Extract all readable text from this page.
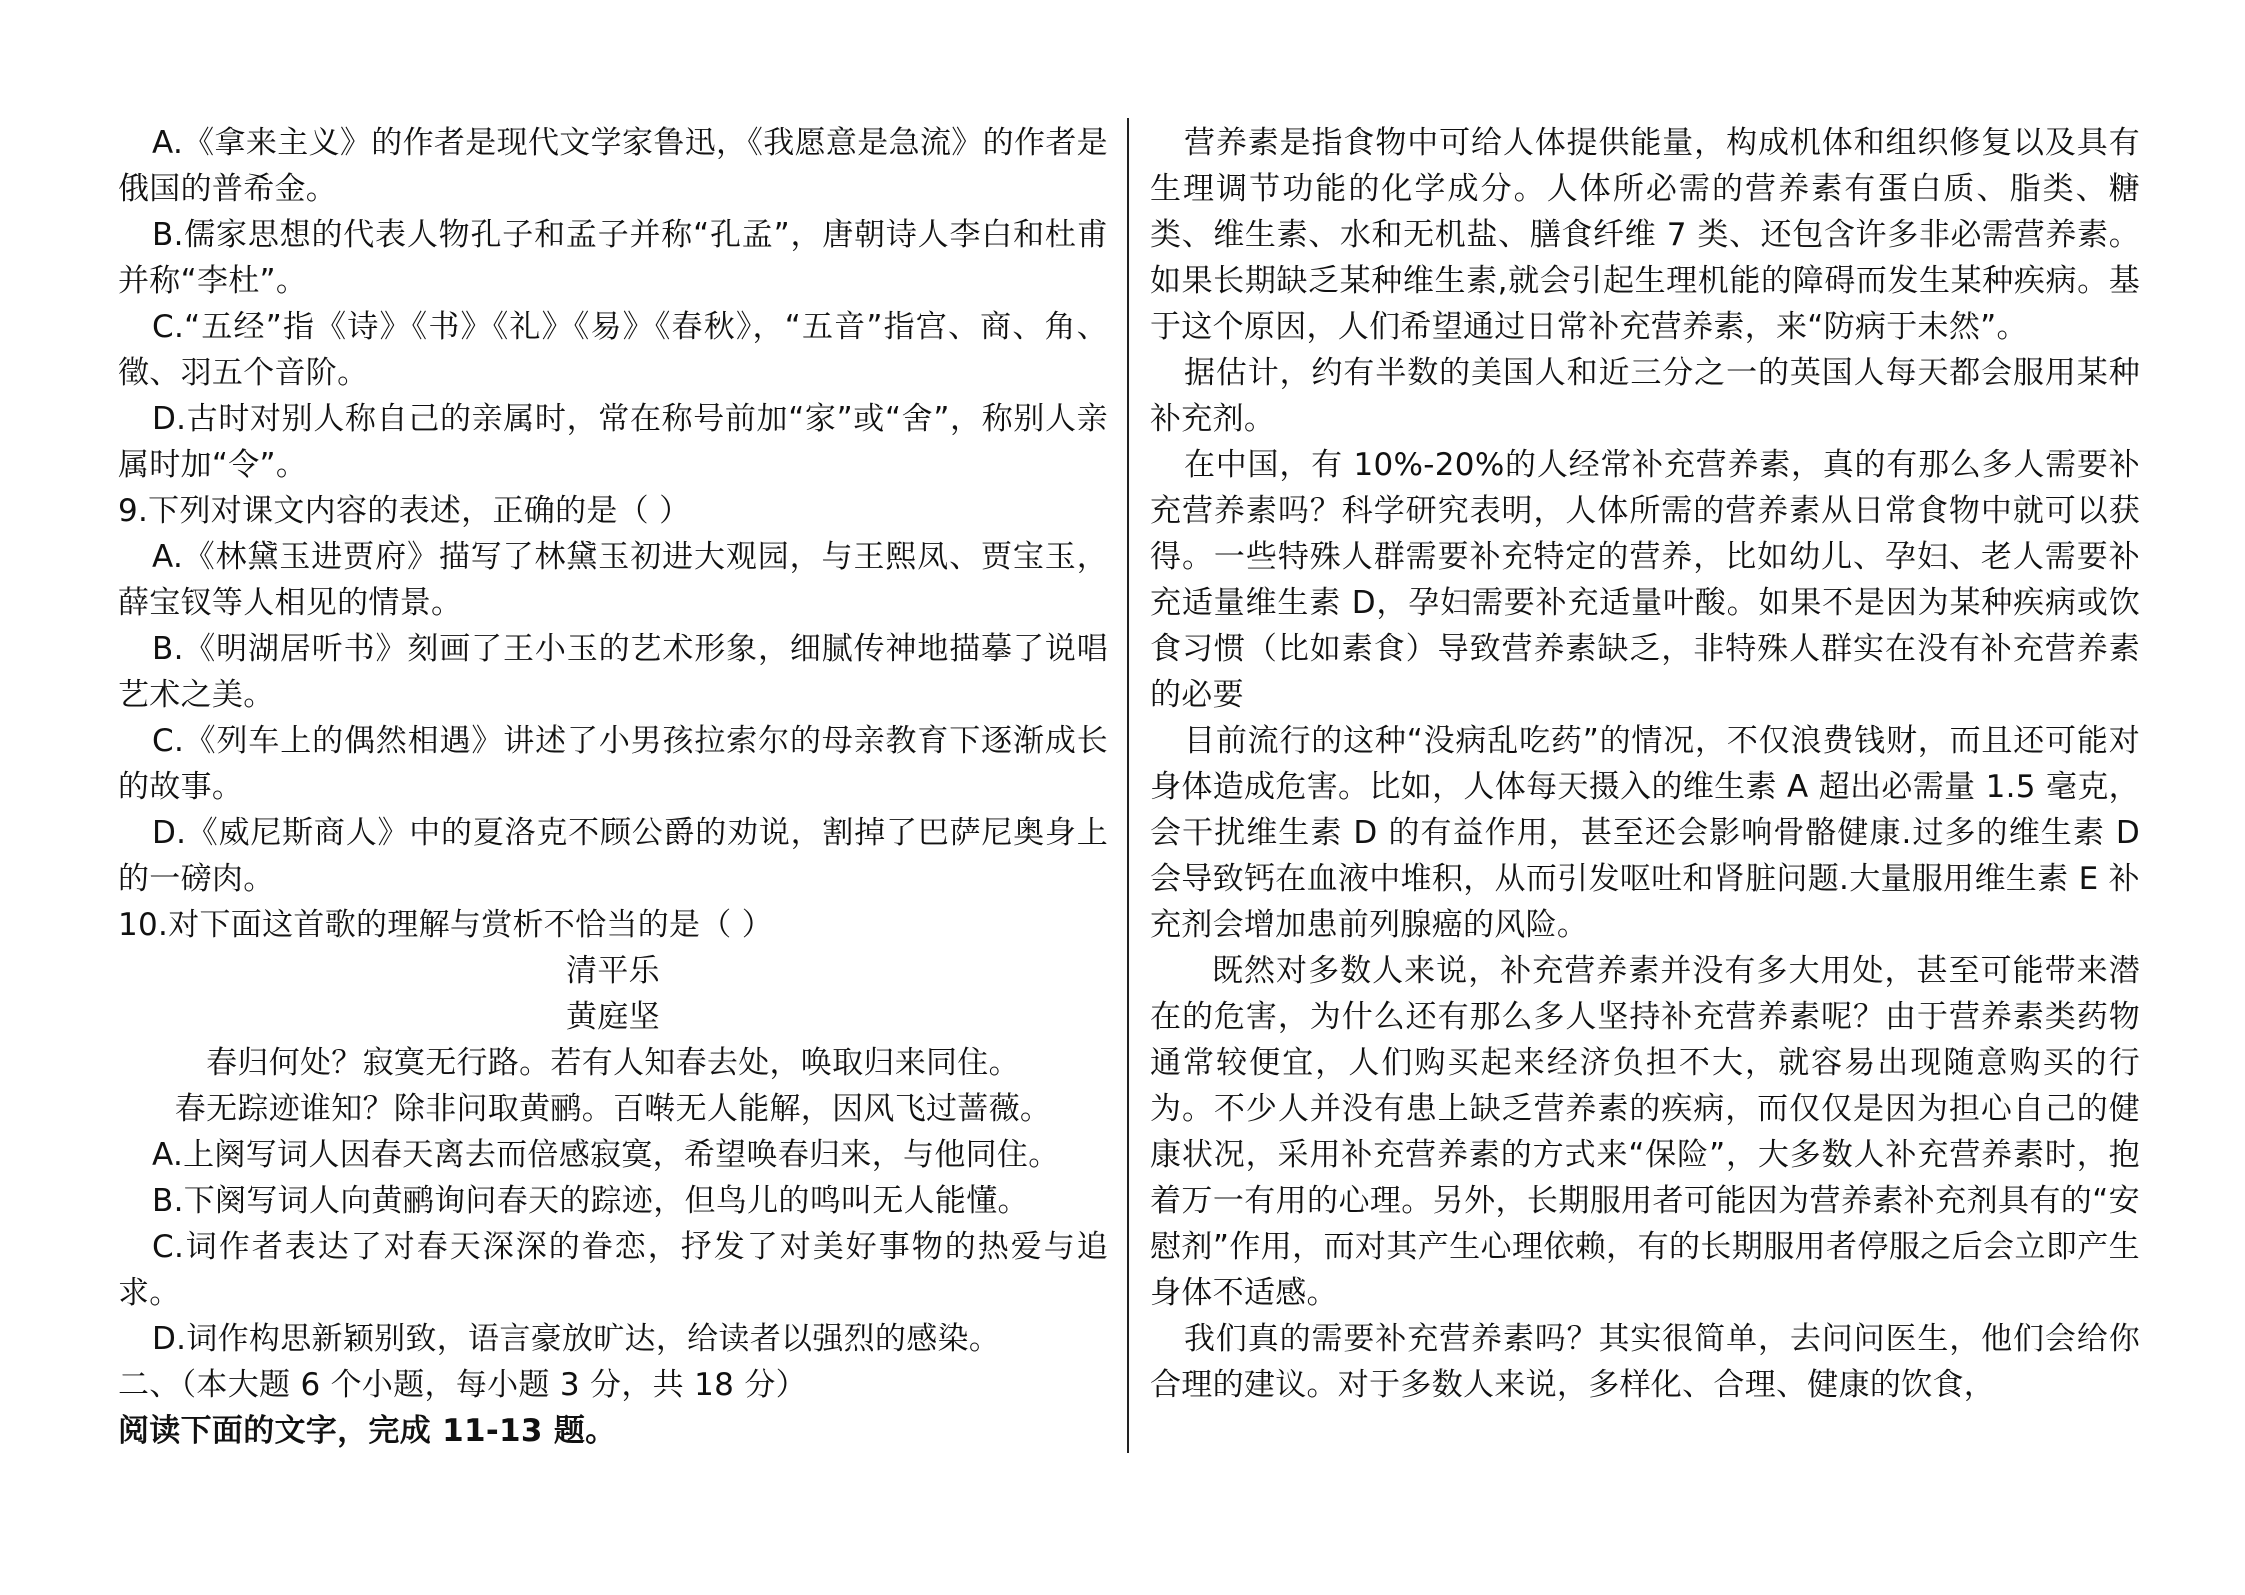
A.《拿来主义》的作者是现代文学家鲁迅，《我愿意是急流》的作者是俄国的普希金。

B.儒家思想的代表人物孔子和孟子并称“孔孟”，唐朝诗人李白和杜甫并称“李杜”。

C.“五经”指《诗》《书》《礼》《易》《春秋》，“五音”指宫、商、角、徵、羽五个音阶。

D.古时对别人称自己的亲属时，常在称号前加“家”或“舍”，称别人亲属时加“令”。

9.下列对课文内容的表述，正确的是（ ）

A.《林黛玉进贾府》描写了林黛玉初进大观园，与王熙凤、贾宝玉，薛宝钗等人相见的情景。

B.《明湖居听书》刻画了王小玉的艺术形象，细腻传神地描摹了说唱艺术之美。

C.《列车上的偶然相遇》讲述了小男孩拉索尔的母亲教育下逐渐成长的故事。

D.《威尼斯商人》中的夏洛克不顾公爵的劝说，割掉了巴萨尼奥身上的一磅肉。

10.对下面这首歌的理解与赏析不恰当的是（ ）

清平乐

黄庭坚

春归何处？寂寞无行路。若有人知春去处，唤取归来同住。

春无踪迹谁知？除非问取黄鹂。百啭无人能解，因风飞过蔷薇。

A.上阕写词人因春天离去而倍感寂寞，希望唤春归来，与他同住。

B.下阕写词人向黄鹂询问春天的踪迹，但鸟儿的鸣叫无人能懂。

C.词作者表达了对春天深深的眷恋，抒发了对美好事物的热爱与追求。

D.词作构思新颖别致，语言豪放旷达，给读者以强烈的感染。

二、（本大题 6 个小题，每小题 3 分，共 18 分）

阅读下面的文字，完成 11-13 题。

营养素是指食物中可给人体提供能量，构成机体和组织修复以及具有生理调节功能的化学成分。人体所必需的营养素有蛋白质、脂类、糖类、维生素、水和无机盐、膳食纤维 7 类、还包含许多非必需营养素。如果长期缺乏某种维生素,就会引起生理机能的障碍而发生某种疾病。基于这个原因，人们希望通过日常补充营养素，来“防病于未然”。

据估计，约有半数的美国人和近三分之一的英国人每天都会服用某种补充剂。

在中国，有 10%-20%的人经常补充营养素，真的有那么多人需要补充营养素吗？科学研究表明，人体所需的营养素从日常食物中就可以获得。一些特殊人群需要补充特定的营养，比如幼儿、孕妇、老人需要补充适量维生素 D，孕妇需要补充适量叶酸。如果不是因为某种疾病或饮食习惯（比如素食）导致营养素缺乏，非特殊人群实在没有补充营养素的必要

目前流行的这种“没病乱吃药”的情况，不仅浪费钱财，而且还可能对身体造成危害。比如，人体每天摄入的维生素 A 超出必需量 1.5 毫克，会干扰维生素 D 的有益作用，甚至还会影响骨骼健康.过多的维生素 D 会导致钙在血液中堆积，从而引发呕吐和肾脏问题.大量服用维生素 E 补充剂会增加患前列腺癌的风险。

既然对多数人来说，补充营养素并没有多大用处，甚至可能带来潜在的危害，为什么还有那么多人坚持补充营养素呢？由于营养素类药物通常较便宜，人们购买起来经济负担不大，就容易出现随意购买的行为。不少人并没有患上缺乏营养素的疾病，而仅仅是因为担心自己的健康状况，采用补充营养素的方式来“保险”，大多数人补充营养素时，抱着万一有用的心理。另外，长期服用者可能因为营养素补充剂具有的“安慰剂”作用，而对其产生心理依赖，有的长期服用者停服之后会立即产生身体不适感。

我们真的需要补充营养素吗？其实很简单，去问问医生，他们会给你合理的建议。对于多数人来说，多样化、合理、健康的饮食，
